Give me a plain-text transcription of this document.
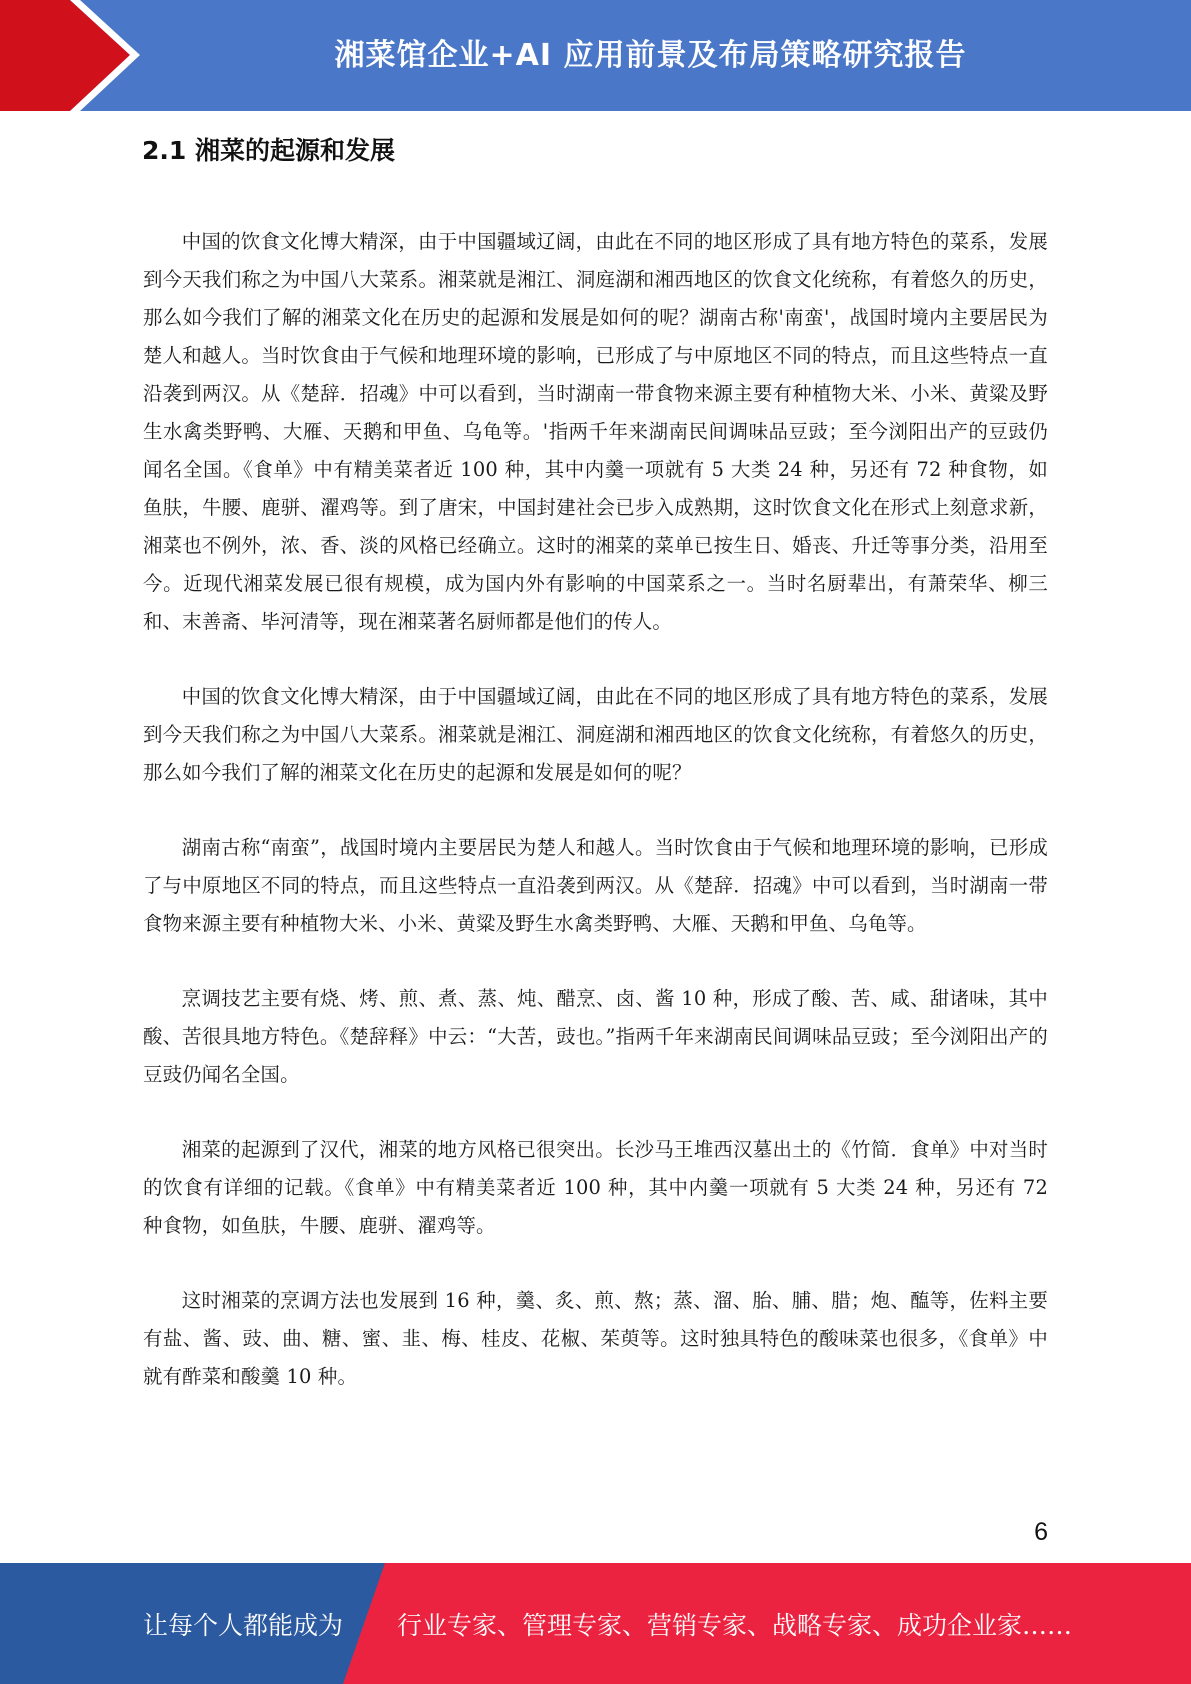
湘菜馆企业+AI 应用前景及布局策略研究报告
2.1 湘菜的起源和发展

中国的饮食文化博大精深，由于中国疆域辽阔，由此在不同的地区形成了具有地方特色的菜系，发展到今天我们称之为中国八大菜系。湘菜就是湘江、洞庭湖和湘西地区的饮食文化统称，有着悠久的历史，那么如今我们了解的湘菜文化在历史的起源和发展是如何的呢？湖南古称'南蛮'，战国时境内主要居民为楚人和越人。当时饮食由于气候和地理环境的影响，已形成了与中原地区不同的特点，而且这些特点一直沿袭到两汉。从《楚辞．招魂》中可以看到，当时湖南一带食物来源主要有种植物大米、小米、黄粱及野生水禽类野鸭、大雁、天鹅和甲鱼、乌龟等。'指两千年来湖南民间调味品豆豉；至今浏阳出产的豆豉仍闻名全国。《食单》中有精美菜者近 100 种，其中内羹一项就有 5 大类 24 种，另还有 72 种食物，如鱼肤，牛腰、鹿骈、濯鸡等。到了唐宋，中国封建社会已步入成熟期，这时饮食文化在形式上刻意求新，湘菜也不例外，浓、香、淡的风格已经确立。这时的湘菜的菜单已按生日、婚丧、升迁等事分类，沿用至今。近现代湘菜发展已很有规模，成为国内外有影响的中国菜系之一。当时名厨辈出，有萧荣华、柳三和、末善斋、毕河清等，现在湘菜著名厨师都是他们的传人。

中国的饮食文化博大精深，由于中国疆域辽阔，由此在不同的地区形成了具有地方特色的菜系，发展到今天我们称之为中国八大菜系。湘菜就是湘江、洞庭湖和湘西地区的饮食文化统称，有着悠久的历史，那么如今我们了解的湘菜文化在历史的起源和发展是如何的呢？

湖南古称“南蛮”，战国时境内主要居民为楚人和越人。当时饮食由于气候和地理环境的影响，已形成了与中原地区不同的特点，而且这些特点一直沿袭到两汉。从《楚辞．招魂》中可以看到，当时湖南一带食物来源主要有种植物大米、小米、黄粱及野生水禽类野鸭、大雁、天鹅和甲鱼、乌龟等。

烹调技艺主要有烧、烤、煎、煮、蒸、炖、醋烹、卤、酱 10 种，形成了酸、苦、咸、甜诸味，其中酸、苦很具地方特色。《楚辞释》中云：“大苦，豉也。”指两千年来湖南民间调味品豆豉；至今浏阳出产的豆豉仍闻名全国。

湘菜的起源到了汉代，湘菜的地方风格已很突出。长沙马王堆西汉墓出土的《竹简．食单》中对当时的饮食有详细的记载。《食单》中有精美菜者近 100 种，其中内羹一项就有 5 大类 24 种，另还有 72 种食物，如鱼肤，牛腰、鹿骈、濯鸡等。

这时湘菜的烹调方法也发展到 16 种，羹、炙、煎、熬；蒸、溜、胎、脯、腊；炮、醢等，佐料主要有盐、酱、豉、曲、糖、蜜、韭、梅、桂皮、花椒、茱萸等。这时独具特色的酸味菜也很多，《食单》中就有酢菜和酸羹 10 种。

6
让每个人都能成为 行业专家、管理专家、营销专家、战略专家、成功企业家……
